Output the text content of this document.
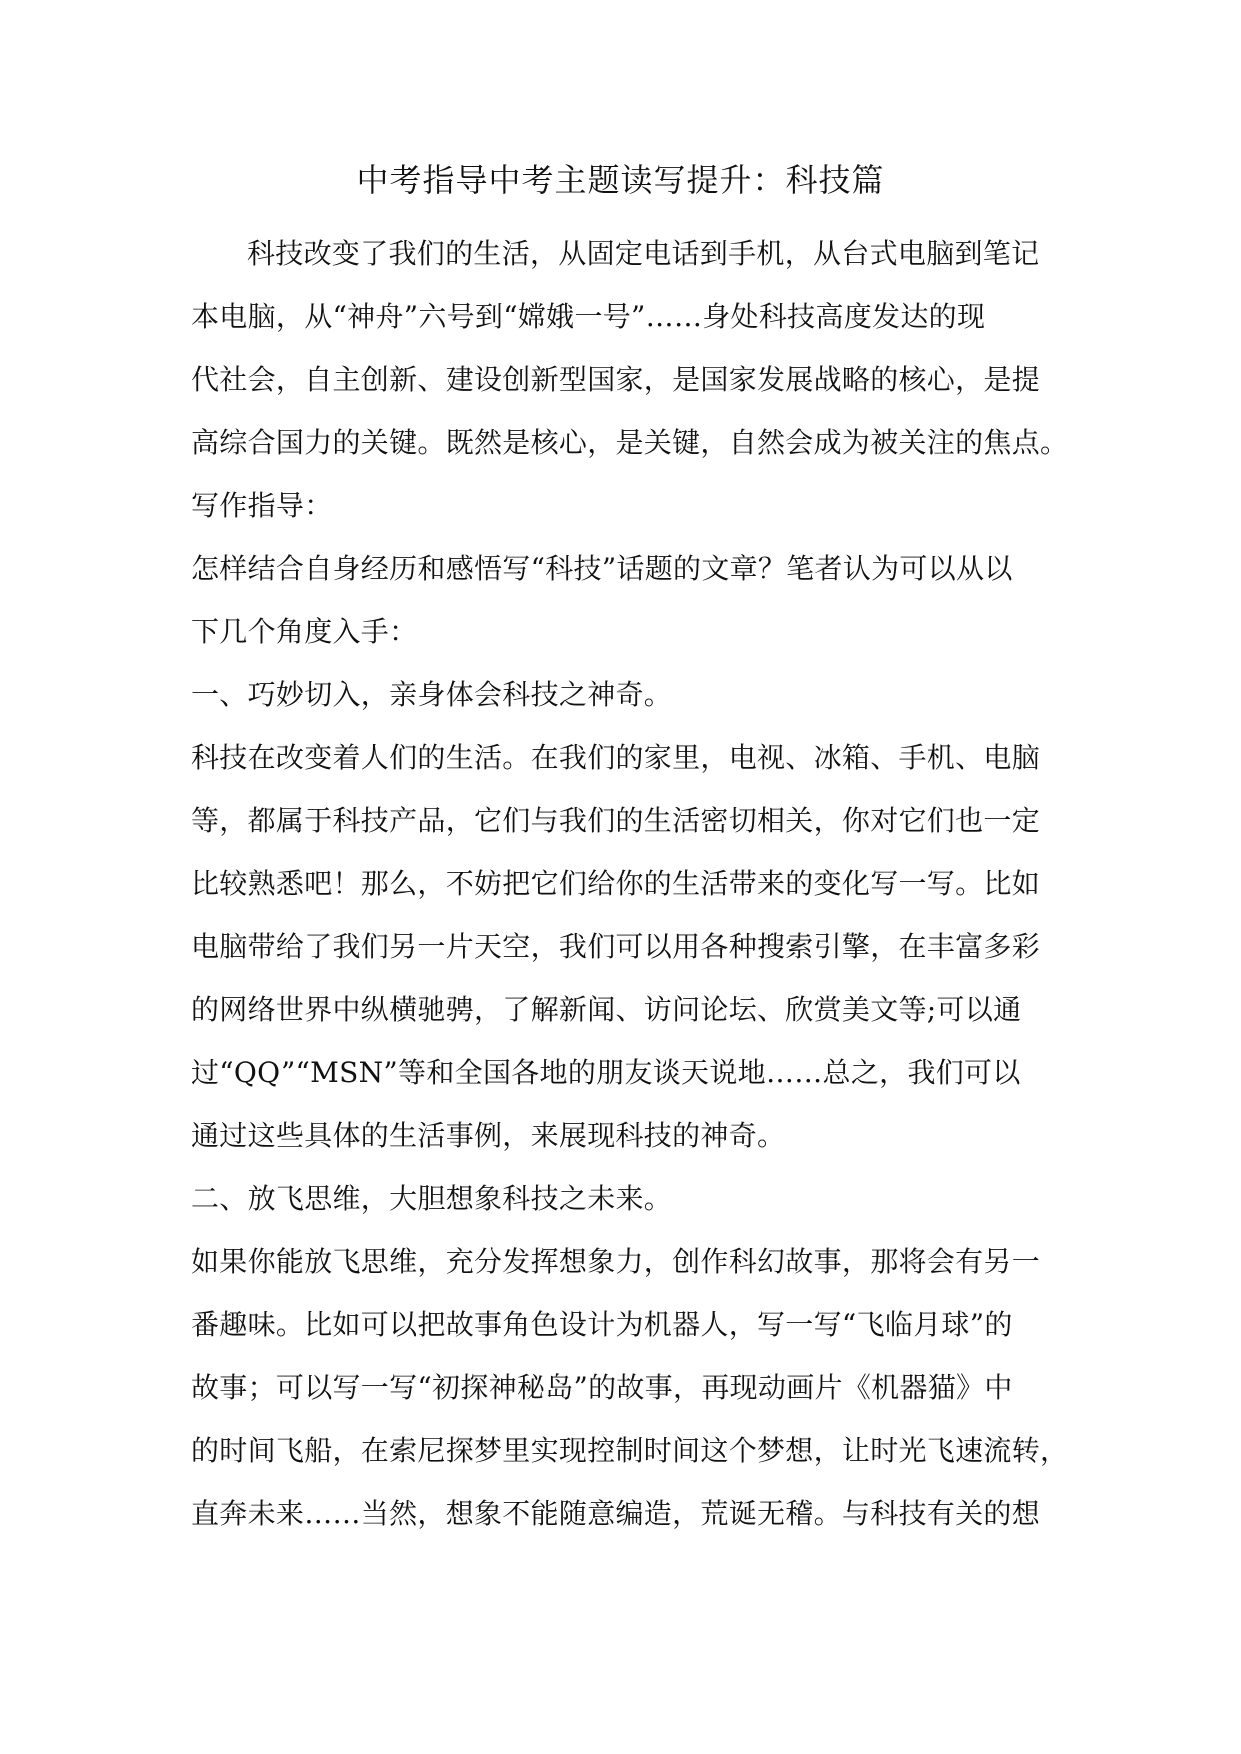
中考指导中考主题读写提升：科技篇
科技改变了我们的生活，从固定电话到手机，从台式电脑到笔记
本电脑，从“神舟”六号到“嫦娥一号”……身处科技高度发达的现
代社会，自主创新、建设创新型国家，是国家发展战略的核心，是提
高综合国力的关键。既然是核心，是关键，自然会成为被关注的焦点。
写作指导：
怎样结合自身经历和感悟写“科技”话题的文章？笔者认为可以从以
下几个角度入手：
一、巧妙切入，亲身体会科技之神奇。
科技在改变着人们的生活。在我们的家里，电视、冰箱、手机、电脑
等，都属于科技产品，它们与我们的生活密切相关，你对它们也一定
比较熟悉吧！那么，不妨把它们给你的生活带来的变化写一写。比如
电脑带给了我们另一片天空，我们可以用各种搜索引擎，在丰富多彩
的网络世界中纵横驰骋，了解新闻、访问论坛、欣赏美文等;可以通
过“QQ”“MSN”等和全国各地的朋友谈天说地……总之，我们可以
通过这些具体的生活事例，来展现科技的神奇。
二、放飞思维，大胆想象科技之未来。
如果你能放飞思维，充分发挥想象力，创作科幻故事，那将会有另一
番趣味。比如可以把故事角色设计为机器人，写一写“飞临月球”的
故事；可以写一写“初探神秘岛”的故事，再现动画片《机器猫》中
的时间飞船，在索尼探梦里实现控制时间这个梦想，让时光飞速流转，
直奔未来……当然，想象不能随意编造，荒诞无稽。与科技有关的想
